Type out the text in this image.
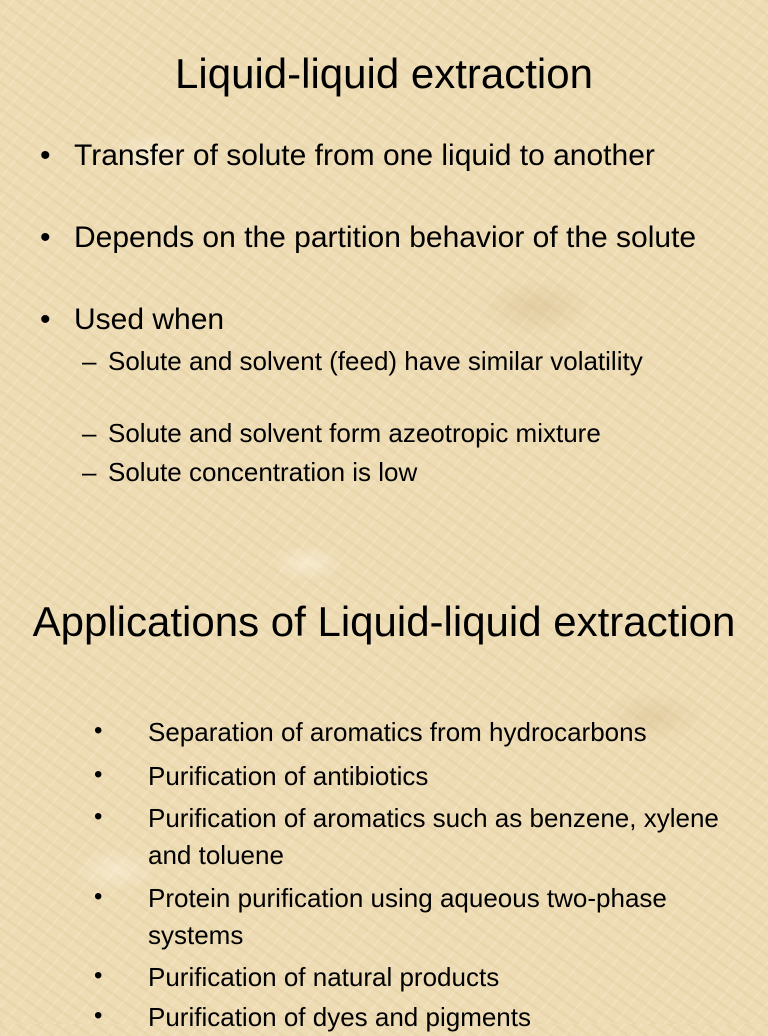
Liquid-liquid extraction
• Transfer of solute from one liquid to another
• Depends on the partition behavior of the solute
• Used when
– Solute and solvent (feed) have similar volatility
– Solute and solvent form azeotropic mixture
– Solute concentration is low
Applications of Liquid-liquid extraction
•	Separation of aromatics from hydrocarbons
•	Purification of antibiotics
•	Purification of aromatics such as benzene, xylene and toluene
•	Protein purification using aqueous two-phase systems
•	Purification of natural products
•	Purification of dyes and pigments
